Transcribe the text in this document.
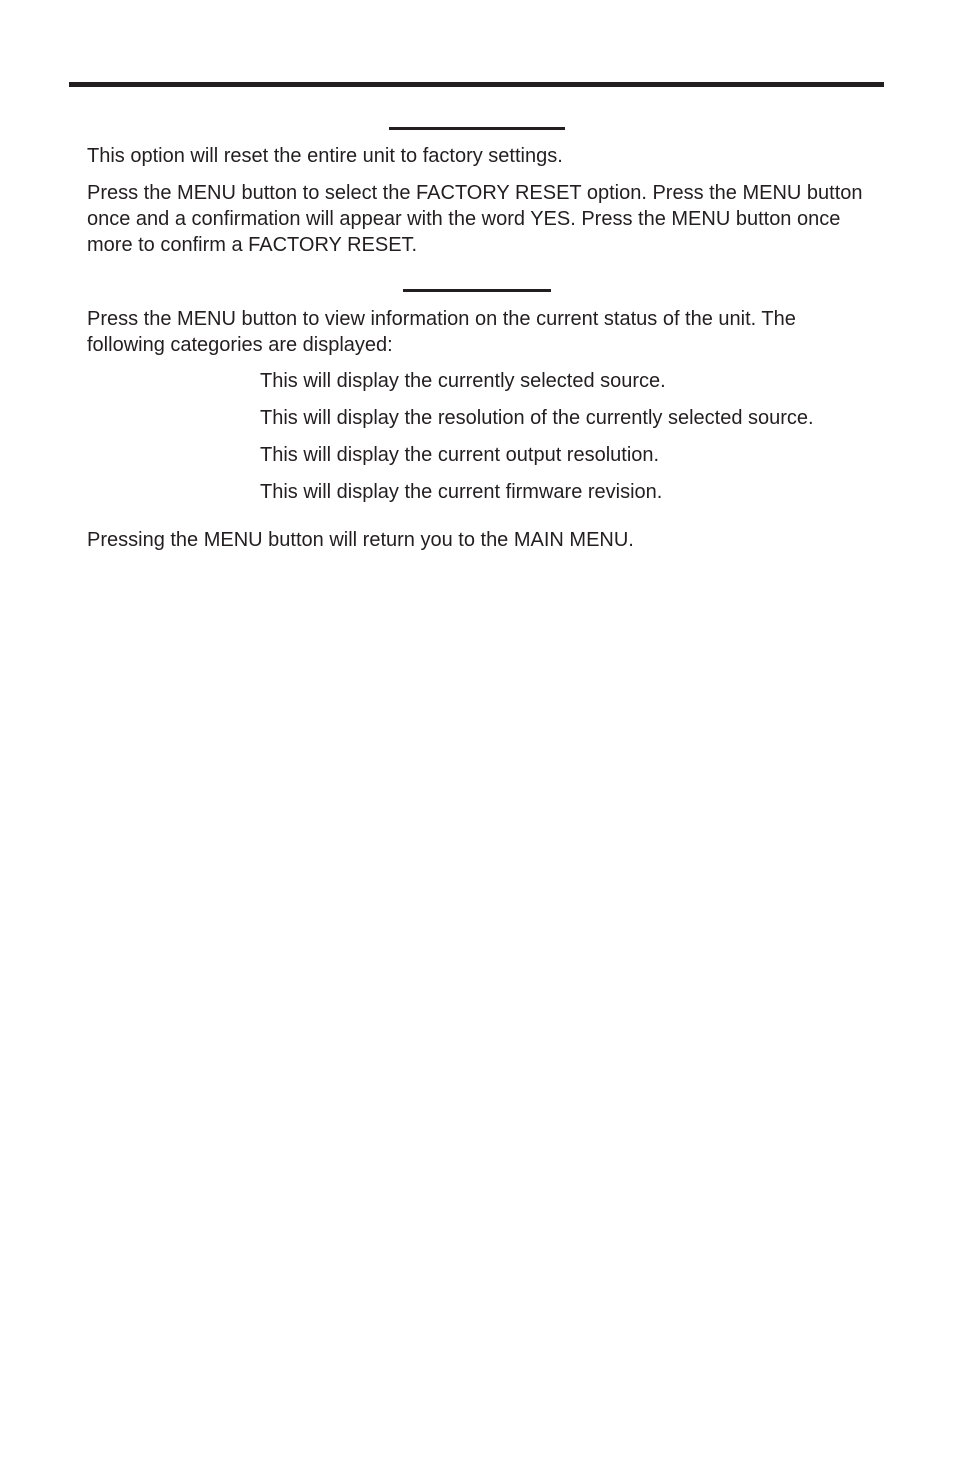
This option will reset the entire unit to factory settings.

Press the MENU button to select the FACTORY RESET option. Press the MENU button once and a confirmation will appear with the word YES. Press the MENU button once more to confirm a FACTORY RESET.

Press the MENU button to view information on the current status of the unit. The following categories are displayed:

This will display the currently selected source.
This will display the resolution of the currently selected source.
This will display the current output resolution.
This will display the current firmware revision.

Pressing the MENU button will return you to the MAIN MENU.
